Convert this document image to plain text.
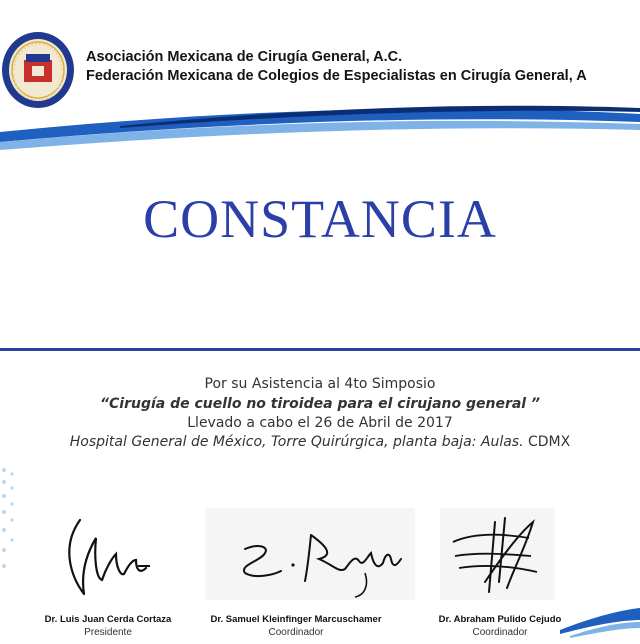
Asociación Mexicana de Cirugía General, A.C.
Federación Mexicana de Colegios de Especialistas en Cirugía General, A
CONSTANCIA
Por su Asistencia al 4to Simposio
“Cirugía de cuello no tiroidea para el cirujano general ”
Llevado a cabo el 26 de Abril de 2017
Hospital General de México, Torre Quirúrgica, planta baja: Aulas. CDMX
Dr. Luis Juan Cerda Cortaza
Presidente
Dr. Samuel Kleinfinger Marcuschamer
Coordinador
Dr. Abraham Pulido Cejudo
Coordinador
